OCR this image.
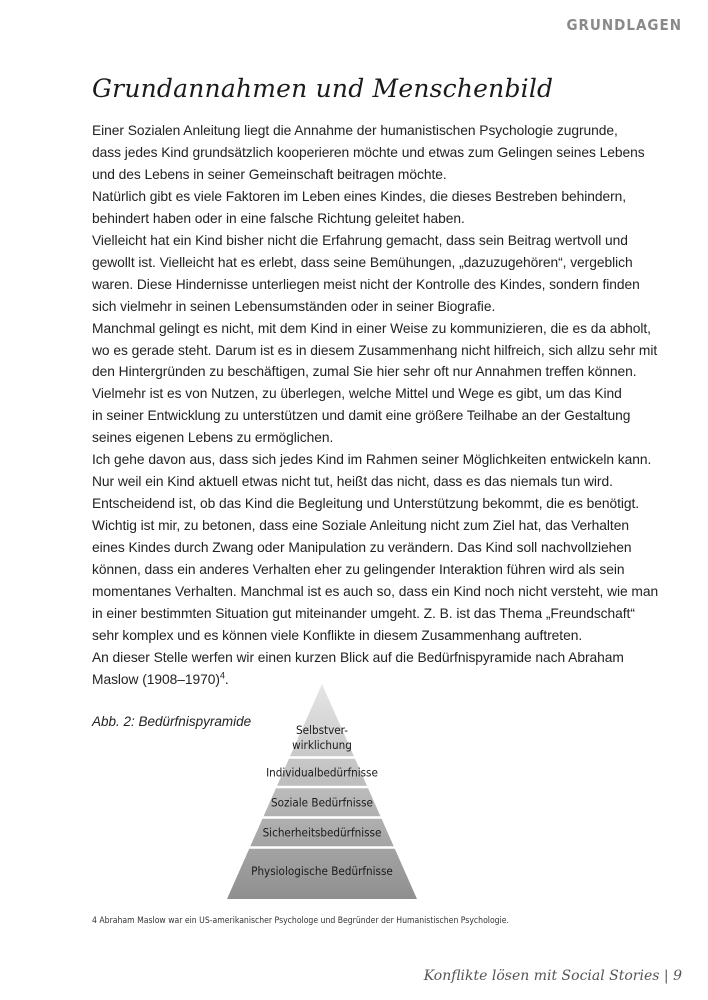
GRUNDLAGEN
Grundannahmen und Menschenbild
Einer Sozialen Anleitung liegt die Annahme der humanistischen Psychologie zugrunde,
dass jedes Kind grundsätzlich kooperieren möchte und etwas zum Gelingen seines Lebens
und des Lebens in seiner Gemeinschaft beitragen möchte.
Natürlich gibt es viele Faktoren im Leben eines Kindes, die dieses Bestreben behindern,
behindert haben oder in eine falsche Richtung geleitet haben.
Vielleicht hat ein Kind bisher nicht die Erfahrung gemacht, dass sein Beitrag wertvoll und
gewollt ist. Vielleicht hat es erlebt, dass seine Bemühungen, „dazuzugehören“, vergeblich
waren. Diese Hindernisse unterliegen meist nicht der Kontrolle des Kindes, sondern finden
sich vielmehr in seinen Lebensumständen oder in seiner Biografie.
Manchmal gelingt es nicht, mit dem Kind in einer Weise zu kommunizieren, die es da abholt,
wo es gerade steht. Darum ist es in diesem Zusammenhang nicht hilfreich, sich allzu sehr mit
den Hintergründen zu beschäftigen, zumal Sie hier sehr oft nur Annahmen treffen können.
Vielmehr ist es von Nutzen, zu überlegen, welche Mittel und Wege es gibt, um das Kind
in seiner Entwicklung zu unterstützen und damit eine größere Teilhabe an der Gestaltung
seines eigenen Lebens zu ermöglichen.
Ich gehe davon aus, dass sich jedes Kind im Rahmen seiner Möglichkeiten entwickeln kann.
Nur weil ein Kind aktuell etwas nicht tut, heißt das nicht, dass es das niemals tun wird.
Entscheidend ist, ob das Kind die Begleitung und Unterstützung bekommt, die es benötigt.
Wichtig ist mir, zu betonen, dass eine Soziale Anleitung nicht zum Ziel hat, das Verhalten
eines Kindes durch Zwang oder Manipulation zu verändern. Das Kind soll nachvollziehen
können, dass ein anderes Verhalten eher zu gelingender Interaktion führen wird als sein
momentanes Verhalten. Manchmal ist es auch so, dass ein Kind noch nicht versteht, wie man
in einer bestimmten Situation gut miteinander umgeht. Z. B. ist das Thema „Freundschaft“
sehr komplex und es können viele Konflikte in diesem Zusammenhang auftreten.
An dieser Stelle werfen wir einen kurzen Blick auf die Bedürfnispyramide nach Abraham
Maslow (1908–1970)$^4$.
Abb. 2: Bedürfnispyramide
Selbstver-
wirklichung
Individualbedürfnisse
Soziale Bedürfnisse
Sicherheitsbedürfnisse
Physiologische Bedürfnisse
4 Abraham Maslow war ein US-amerikanischer Psychologe und Begründer der Humanistischen Psychologie.
Konflikte lösen mit Social Stories | 9
